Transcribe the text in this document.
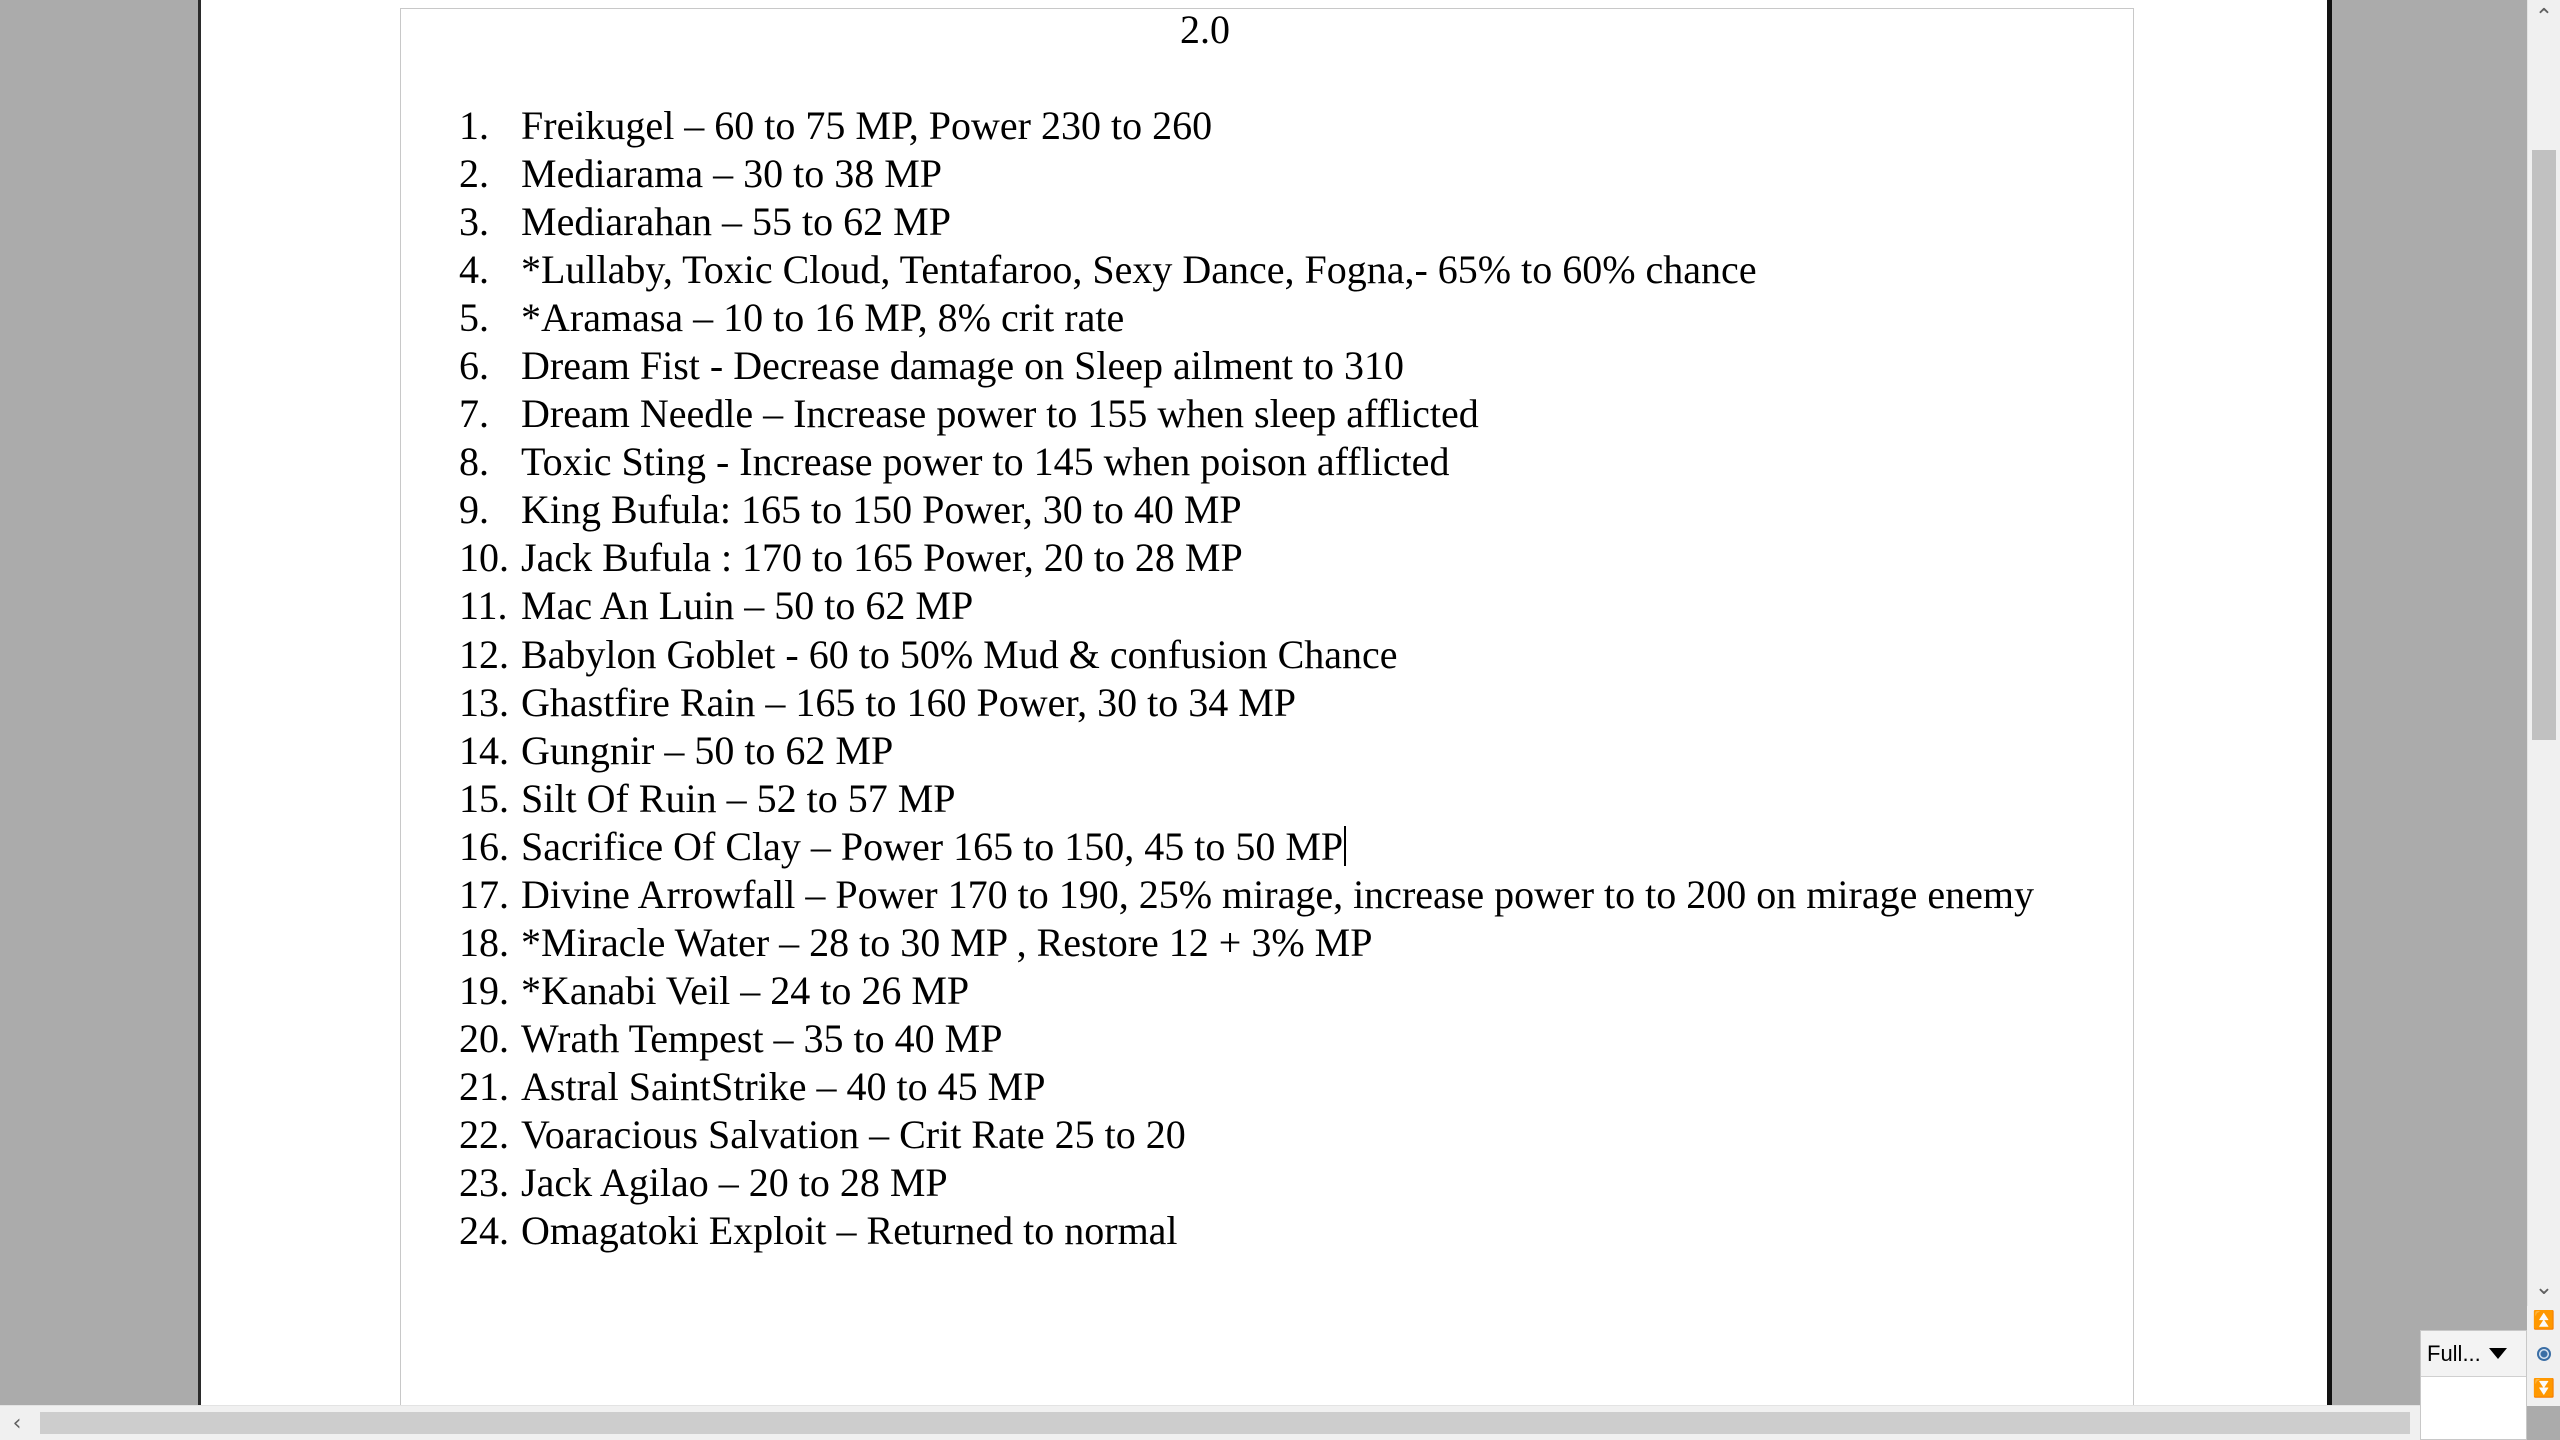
2.0
1. Freikugel – 60 to 75 MP, Power 230 to 260
2. Mediarama – 30 to 38 MP
3. Mediarahan – 55 to 62 MP
4. *Lullaby, Toxic Cloud, Tentafaroo, Sexy Dance, Fogna,- 65% to 60% chance
5. *Aramasa – 10 to 16 MP, 8% crit rate
6. Dream Fist - Decrease damage on Sleep ailment to 310
7. Dream Needle – Increase power to 155 when sleep afflicted
8. Toxic Sting - Increase power to 145 when poison afflicted
9. King Bufula: 165 to 150 Power, 30 to 40 MP
10. Jack Bufula : 170 to 165 Power, 20 to 28 MP
11. Mac An Luin – 50 to 62 MP
12. Babylon Goblet - 60 to 50% Mud & confusion Chance
13. Ghastfire Rain – 165 to 160 Power, 30 to 34 MP
14. Gungnir – 50 to 62 MP
15. Silt Of Ruin – 52 to 57 MP
16. Sacrifice Of Clay – Power 165 to 150, 45 to 50 MP
17. Divine Arrowfall – Power 170 to 190, 25% mirage, increase power to to 200 on mirage enemy
18. *Miracle Water – 28 to 30 MP , Restore 12 + 3% MP
19. *Kanabi Veil – 24 to 26 MP
20. Wrath Tempest – 35 to 40 MP
21. Astral SaintStrike – 40 to 45 MP
22. Voaracious Salvation – Crit Rate 25 to 20
23. Jack Agilao – 20 to 28 MP
24. Omagatoki Exploit – Returned to normal
⌃
⌄
⏫
⏬
‹
Full...
